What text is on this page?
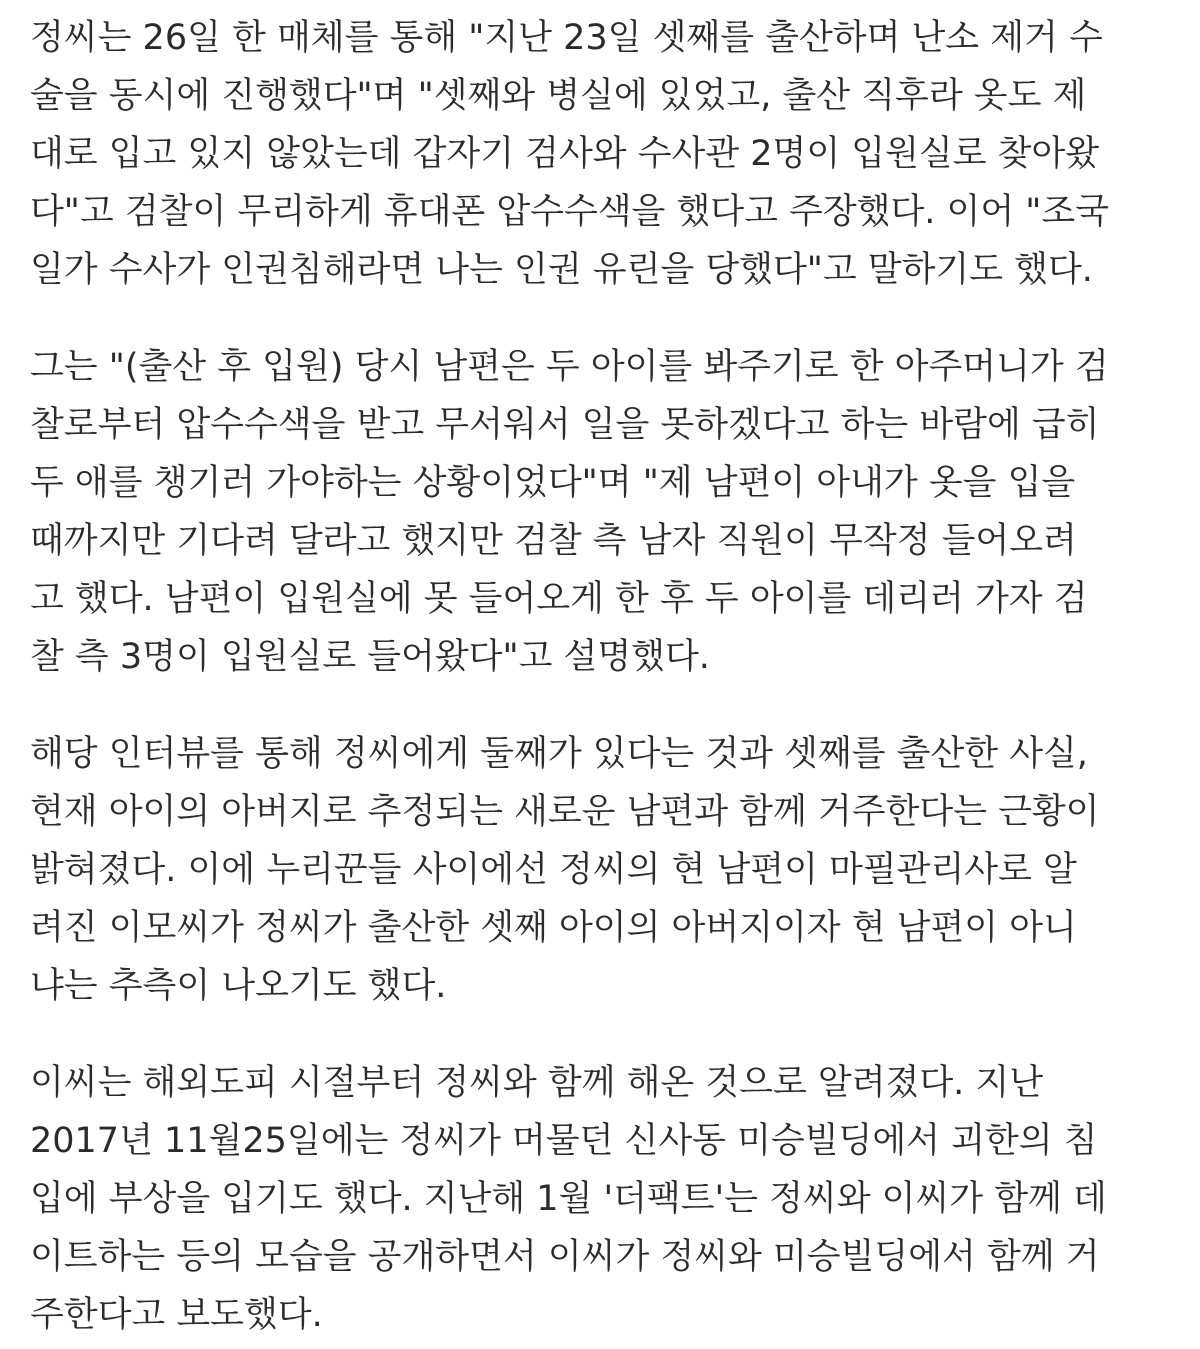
정씨는 26일 한 매체를 통해 "지난 23일 셋째를 출산하며 난소 제거 수
술을 동시에 진행했다"며 "셋째와 병실에 있었고, 출산 직후라 옷도 제
대로 입고 있지 않았는데 갑자기 검사와 수사관 2명이 입원실로 찾아왔
다"고 검찰이 무리하게 휴대폰 압수수색을 했다고 주장했다. 이어 "조국
일가 수사가 인권침해라면 나는 인권 유린을 당했다"고 말하기도 했다.
그는 "(출산 후 입원) 당시 남편은 두 아이를 봐주기로 한 아주머니가 검
찰로부터 압수수색을 받고 무서워서 일을 못하겠다고 하는 바람에 급히
두 애를 챙기러 가야하는 상황이었다"며 "제 남편이 아내가 옷을 입을
때까지만 기다려 달라고 했지만 검찰 측 남자 직원이 무작정 들어오려
고 했다. 남편이 입원실에 못 들어오게 한 후 두 아이를 데리러 가자 검
찰 측 3명이 입원실로 들어왔다"고 설명했다.
해당 인터뷰를 통해 정씨에게 둘째가 있다는 것과 셋째를 출산한 사실,
현재 아이의 아버지로 추정되는 새로운 남편과 함께 거주한다는 근황이
밝혀졌다. 이에 누리꾼들 사이에선 정씨의 현 남편이 마필관리사로 알
려진 이모씨가 정씨가 출산한 셋째 아이의 아버지이자 현 남편이 아니
냐는 추측이 나오기도 했다.
이씨는 해외도피 시절부터 정씨와 함께 해온 것으로 알려졌다. 지난
2017년 11월25일에는 정씨가 머물던 신사동 미승빌딩에서 괴한의 침
입에 부상을 입기도 했다. 지난해 1월 '더팩트'는 정씨와 이씨가 함께 데
이트하는 등의 모습을 공개하면서 이씨가 정씨와 미승빌딩에서 함께 거
주한다고 보도했다.
